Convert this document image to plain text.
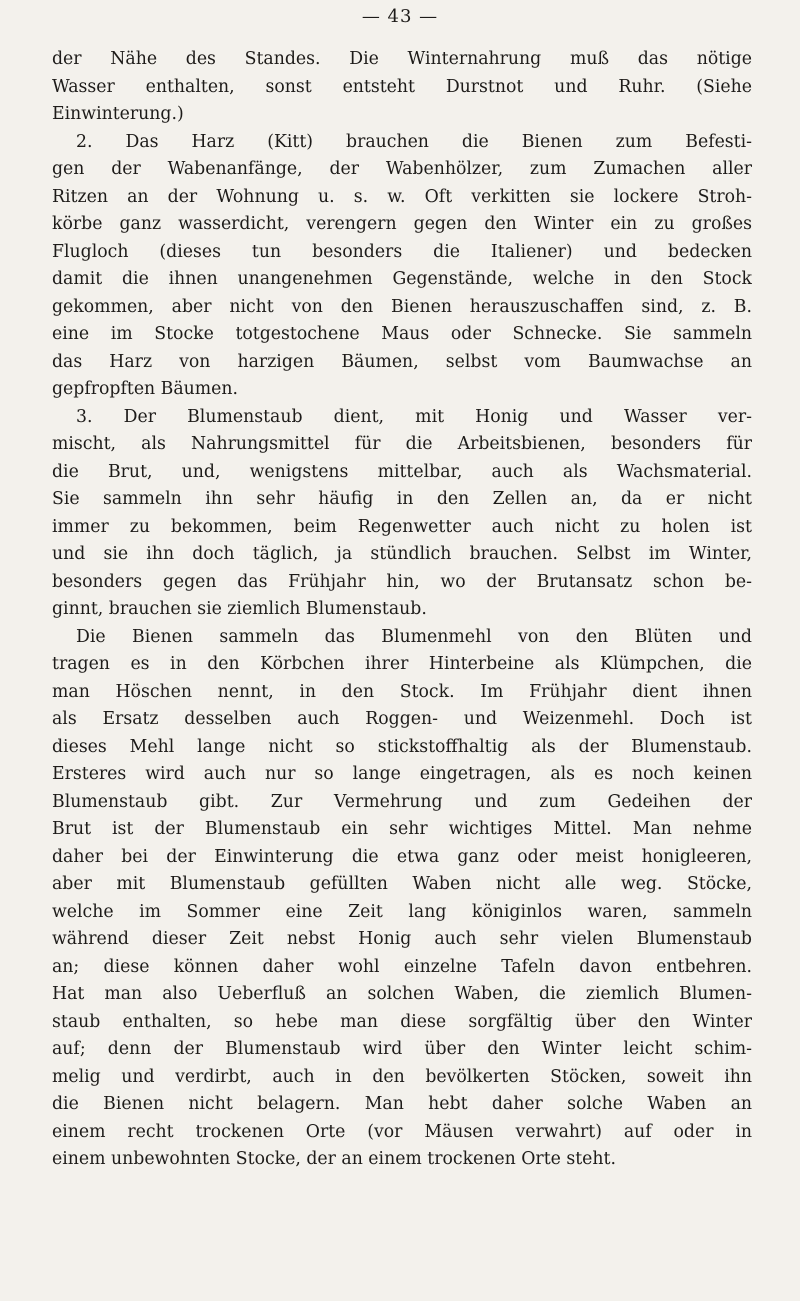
— 43 —
der Nähe des Standes. Die Winternahrung muß das nötige
Wasser enthalten, sonst entsteht Durstnot und Ruhr. (Siehe
Einwinterung.)
2. Das Harz (Kitt) brauchen die Bienen zum Befesti-
gen der Wabenanfänge, der Wabenhölzer, zum Zumachen aller
Ritzen an der Wohnung u. s. w. Oft verkitten sie lockere Stroh-
körbe ganz wasserdicht, verengern gegen den Winter ein zu großes
Flugloch (dieses tun besonders die Italiener) und bedecken
damit die ihnen unangenehmen Gegenstände, welche in den Stock
gekommen, aber nicht von den Bienen herauszuschaffen sind, z. B.
eine im Stocke totgestochene Maus oder Schnecke. Sie sammeln
das Harz von harzigen Bäumen, selbst vom Baumwachse an
gepfropften Bäumen.
3. Der Blumenstaub dient, mit Honig und Wasser ver-
mischt, als Nahrungsmittel für die Arbeitsbienen, besonders für
die Brut, und, wenigstens mittelbar, auch als Wachsmaterial.
Sie sammeln ihn sehr häufig in den Zellen an, da er nicht
immer zu bekommen, beim Regenwetter auch nicht zu holen ist
und sie ihn doch täglich, ja stündlich brauchen. Selbst im Winter,
besonders gegen das Frühjahr hin, wo der Brutansatz schon be-
ginnt, brauchen sie ziemlich Blumenstaub.
Die Bienen sammeln das Blumenmehl von den Blüten und
tragen es in den Körbchen ihrer Hinterbeine als Klümpchen, die
man Höschen nennt, in den Stock. Im Frühjahr dient ihnen
als Ersatz desselben auch Roggen- und Weizenmehl. Doch ist
dieses Mehl lange nicht so stickstoffhaltig als der Blumenstaub.
Ersteres wird auch nur so lange eingetragen, als es noch keinen
Blumenstaub gibt. Zur Vermehrung und zum Gedeihen der
Brut ist der Blumenstaub ein sehr wichtiges Mittel. Man nehme
daher bei der Einwinterung die etwa ganz oder meist honigleeren,
aber mit Blumenstaub gefüllten Waben nicht alle weg. Stöcke,
welche im Sommer eine Zeit lang königinlos waren, sammeln
während dieser Zeit nebst Honig auch sehr vielen Blumenstaub
an; diese können daher wohl einzelne Tafeln davon entbehren.
Hat man also Ueberfluß an solchen Waben, die ziemlich Blumen-
staub enthalten, so hebe man diese sorgfältig über den Winter
auf; denn der Blumenstaub wird über den Winter leicht schim-
melig und verdirbt, auch in den bevölkerten Stöcken, soweit ihn
die Bienen nicht belagern. Man hebt daher solche Waben an
einem recht trockenen Orte (vor Mäusen verwahrt) auf oder in
einem unbewohnten Stocke, der an einem trockenen Orte steht.
